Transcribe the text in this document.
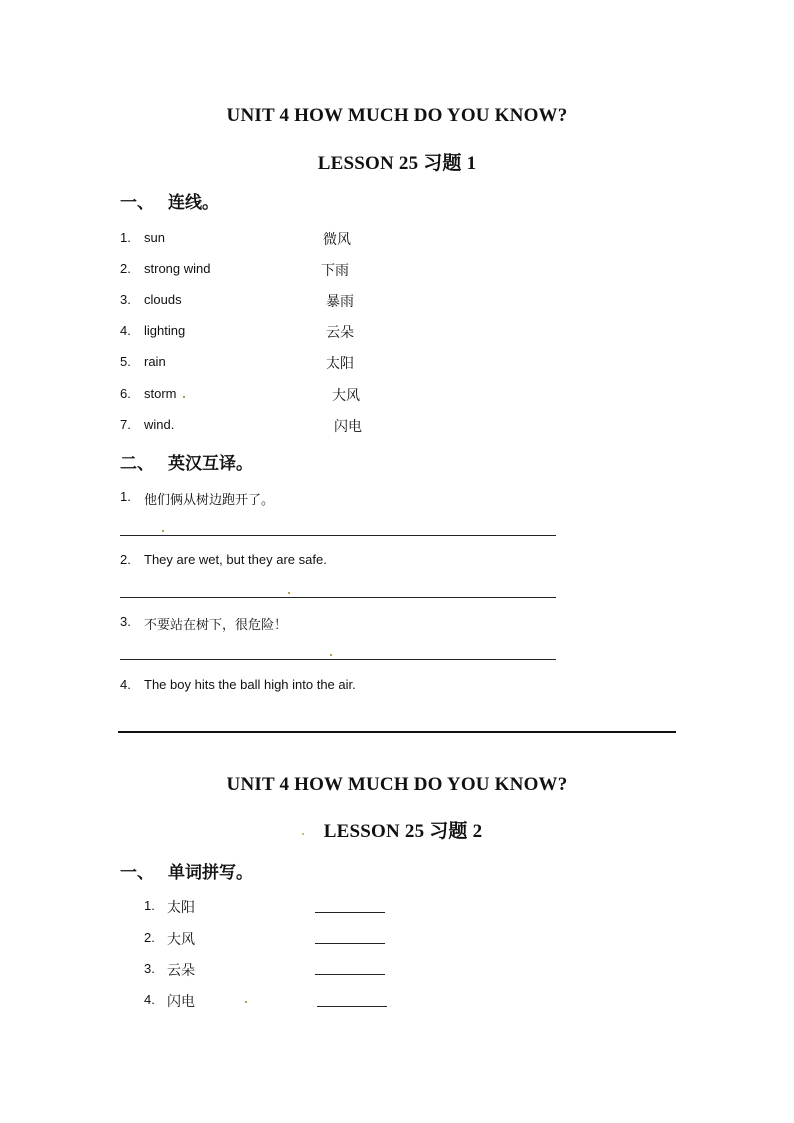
UNIT 4 HOW MUCH DO YOU KNOW?
LESSON 25 习题 1
一、 连线。
1.	sun	微风
2.	strong wind	下雨
3.	clouds	暴雨
4.	lighting	云朵
5.	rain	太阳
6.	storm	大风
7.	wind.	闪电
二、 英汉互译。
1.	他们俩从树边跑开了。
2.	They are wet, but they are safe.
3.	不要站在树下，很危险！
4.	The boy hits the ball high into the air.
UNIT 4 HOW MUCH DO YOU KNOW?
LESSON 25 习题 2
一、 单词拼写。
1. 太阳
2. 大风
3. 云朵
4. 闪电
